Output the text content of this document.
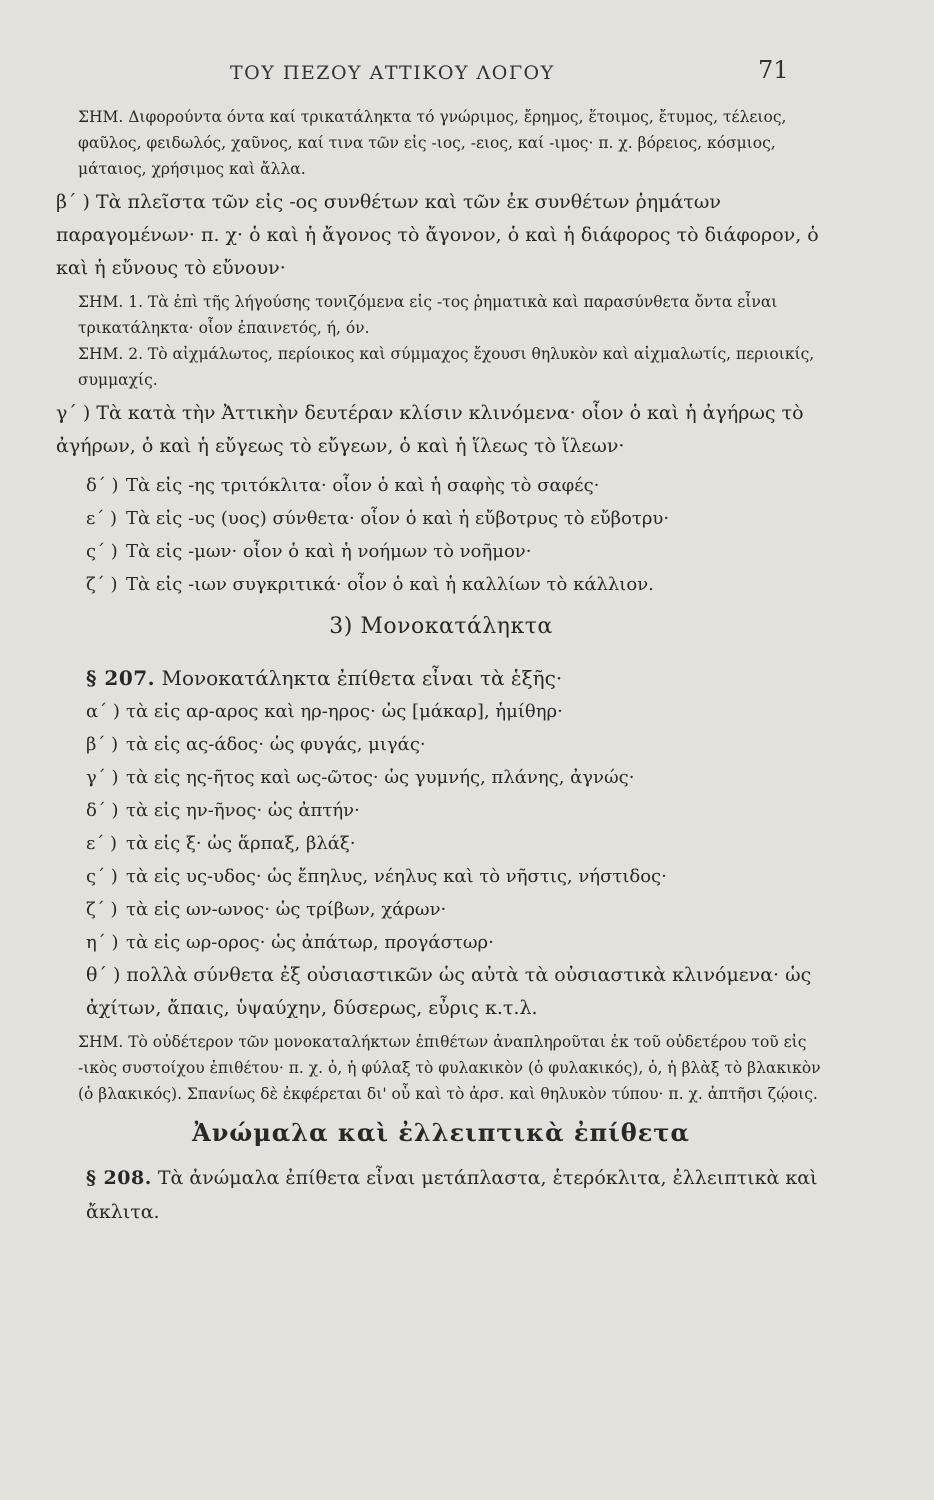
ΤΟΥ ΠΕΖΟΥ ΑΤΤΙΚΟΥ ΛΟΓΟΥ	71

ΣΗΜ. Διφορούντα όντα καί τρικατάληκτα τό γνώριμος, ἔρημος, ἕτοιμος, ἔτυμος, τέλειος, φαῦλος, φειδωλός, χαῦνος, καί τινα τῶν εἰς -ιος, -ειος, καί -ιμος· π. χ. βόρειος, κόσμιος, μάταιος, χρήσιμος καὶ ἄλλα.

β´ ) Τὰ πλεῖστα τῶν εἰς -ος συνθέτων καὶ τῶν ἐκ συνθέτων ῥημάτων παραγομένων· π. χ· ὁ καὶ ἡ ἄγονος τὸ ἄγονον, ὁ καὶ ἡ διάφορος τὸ διάφορον, ὁ καὶ ἡ εὔνους τὸ εὔνουν·

ΣΗΜ. 1. Τὰ ἐπὶ τῆς λήγούσης τονιζόμενα εἰς -τος ῥηματικὰ καὶ παρασύνθετα ὄντα εἶναι τρικατάληκτα· οἷον ἐπαινετός, ή, όν.

ΣΗΜ. 2. Τὸ αἰχμάλωτος, περίοικος καὶ σύμμαχος ἔχουσι θηλυκὸν καὶ αἰχμαλωτίς, περιοικίς, συμμαχίς.

γ´ ) Τὰ κατὰ τὴν Ἀττικὴν δευτέραν κλίσιν κλινόμενα· οἷον ὁ καὶ ἡ ἀγήρως τὸ ἀγήρων, ὁ καὶ ἡ εὔγεως τὸ εὔγεων, ὁ καὶ ἡ ἵλεως τὸ ἵλεων·

δ´ ) Τὰ εἰς -ης τριτόκλιτα· οἷον ὁ καὶ ἡ σαφὴς τὸ σαφές·
ε´ ) Τὰ εἰς -υς (υος) σύνθετα· οἷον ὁ καὶ ἡ εὔβοτρυς τὸ εὔβοτρυ·
ς´ ) Τὰ εἰς -μων· οἷον ὁ καὶ ἡ νοήμων τὸ νοῆμον·
ζ´ ) Τὰ εἰς -ιων συγκριτικά· οἷον ὁ καὶ ἡ καλλίων τὸ κάλλιον.
3) Μονοκατάληκτα

§ 207. Μονοκατάληκτα ἐπίθετα εἶναι τὰ ἑξῆς·

α´ ) τὰ εἰς αρ-αρος καὶ ηρ-ηρος· ὡς [μάκαρ], ἡμίθηρ·
β´ ) τὰ εἰς ας-άδος· ὡς φυγάς, μιγάς·
γ´ ) τὰ εἰς ης-ῆτος καὶ ως-ῶτος· ὡς γυμνής, πλάνης, ἀγνώς·
δ´ ) τὰ εἰς ην-ῆνος· ὡς ἀπτήν·
ε´ ) τὰ εἰς ξ· ὡς ἅρπαξ, βλάξ·
ς´ ) τὰ εἰς υς-υδος· ὡς ἔπηλυς, νέηλυς καὶ τὸ νῆστις, νήστιδος·
ζ´ ) τὰ εἰς ων-ωνος· ὡς τρίβων, χάρων·
η´ ) τὰ εἰς ωρ-ορος· ὡς ἀπάτωρ, προγάστωρ·

θ´ ) πολλὰ σύνθετα ἐξ οὐσιαστικῶν ὡς αὐτὰ τὰ οὐσιαστικὰ κλινόμενα· ὡς ἀχίτων, ἄπαις, ὑψαύχην, δύσερως, εὖρις κ.τ.λ.

ΣΗΜ. Τὸ οὐδέτερον τῶν μονοκαταλήκτων ἐπιθέτων ἀναπληροῦται ἐκ τοῦ οὐδετέρου τοῦ εἰς -ικὸς συστοίχου ἐπιθέτου· π. χ. ὁ, ἡ φύλαξ τὸ φυλακικὸν (ὁ φυλακικός), ὁ, ἡ βλὰξ τὸ βλακικὸν (ὁ βλακικός). Σπανίως δὲ ἐκφέρεται δι' οὗ καὶ τὸ ἀρσ. καὶ θηλυκὸν τύπου· π. χ. ἀπτῆσι ζῴοις.

Ἀνώμαλα καὶ ἐλλειπτικὰ ἐπίθετα

§ 208. Τὰ ἀνώμαλα ἐπίθετα εἶναι μετάπλαστα, ἑτερόκλιτα, ἐλλειπτικὰ καὶ ἄκλιτα.
